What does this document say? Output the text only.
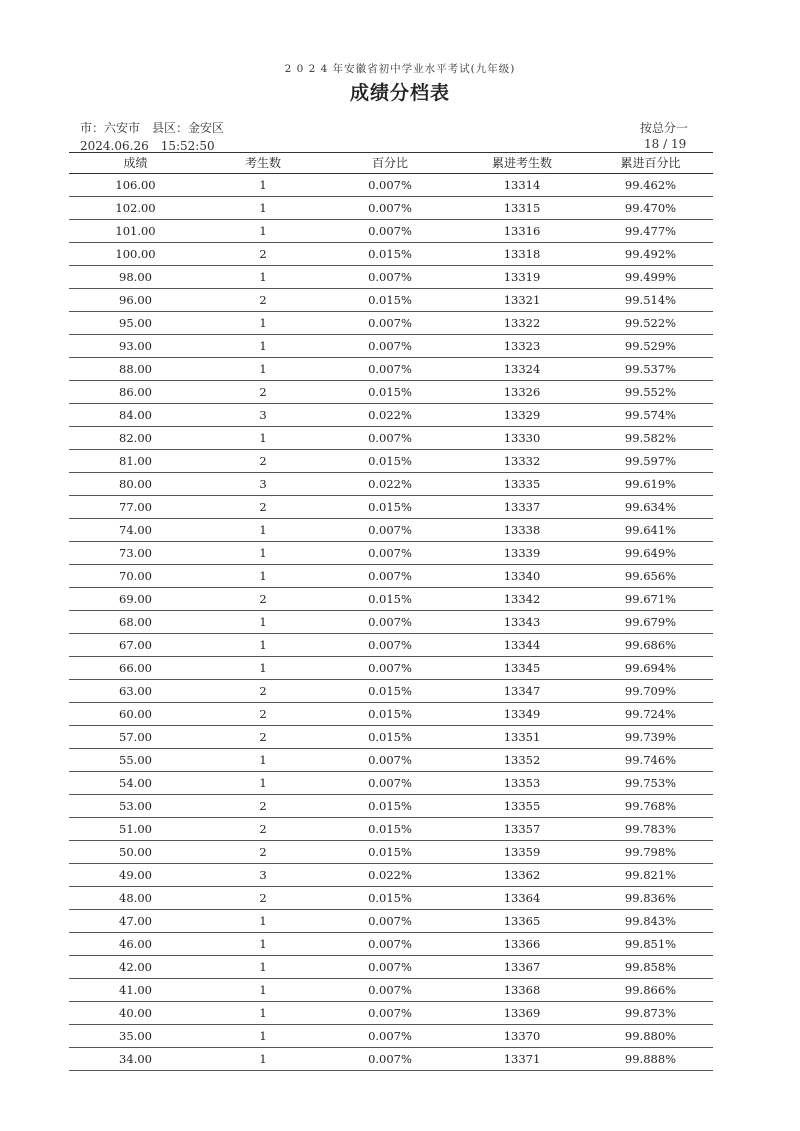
2 0 2 4 年安徽省初中学业水平考试(九年级)
成绩分档表
市：六安市　县区：金安区
2024.06.26　15:52:50
按总分一
18 / 19
成绩	考生数	百分比	累进考生数	累进百分比
106.00	1	0.007%	13314	99.462%
102.00	1	0.007%	13315	99.470%
101.00	1	0.007%	13316	99.477%
100.00	2	0.015%	13318	99.492%
98.00	1	0.007%	13319	99.499%
96.00	2	0.015%	13321	99.514%
95.00	1	0.007%	13322	99.522%
93.00	1	0.007%	13323	99.529%
88.00	1	0.007%	13324	99.537%
86.00	2	0.015%	13326	99.552%
84.00	3	0.022%	13329	99.574%
82.00	1	0.007%	13330	99.582%
81.00	2	0.015%	13332	99.597%
80.00	3	0.022%	13335	99.619%
77.00	2	0.015%	13337	99.634%
74.00	1	0.007%	13338	99.641%
73.00	1	0.007%	13339	99.649%
70.00	1	0.007%	13340	99.656%
69.00	2	0.015%	13342	99.671%
68.00	1	0.007%	13343	99.679%
67.00	1	0.007%	13344	99.686%
66.00	1	0.007%	13345	99.694%
63.00	2	0.015%	13347	99.709%
60.00	2	0.015%	13349	99.724%
57.00	2	0.015%	13351	99.739%
55.00	1	0.007%	13352	99.746%
54.00	1	0.007%	13353	99.753%
53.00	2	0.015%	13355	99.768%
51.00	2	0.015%	13357	99.783%
50.00	2	0.015%	13359	99.798%
49.00	3	0.022%	13362	99.821%
48.00	2	0.015%	13364	99.836%
47.00	1	0.007%	13365	99.843%
46.00	1	0.007%	13366	99.851%
42.00	1	0.007%	13367	99.858%
41.00	1	0.007%	13368	99.866%
40.00	1	0.007%	13369	99.873%
35.00	1	0.007%	13370	99.880%
34.00	1	0.007%	13371	99.888%
